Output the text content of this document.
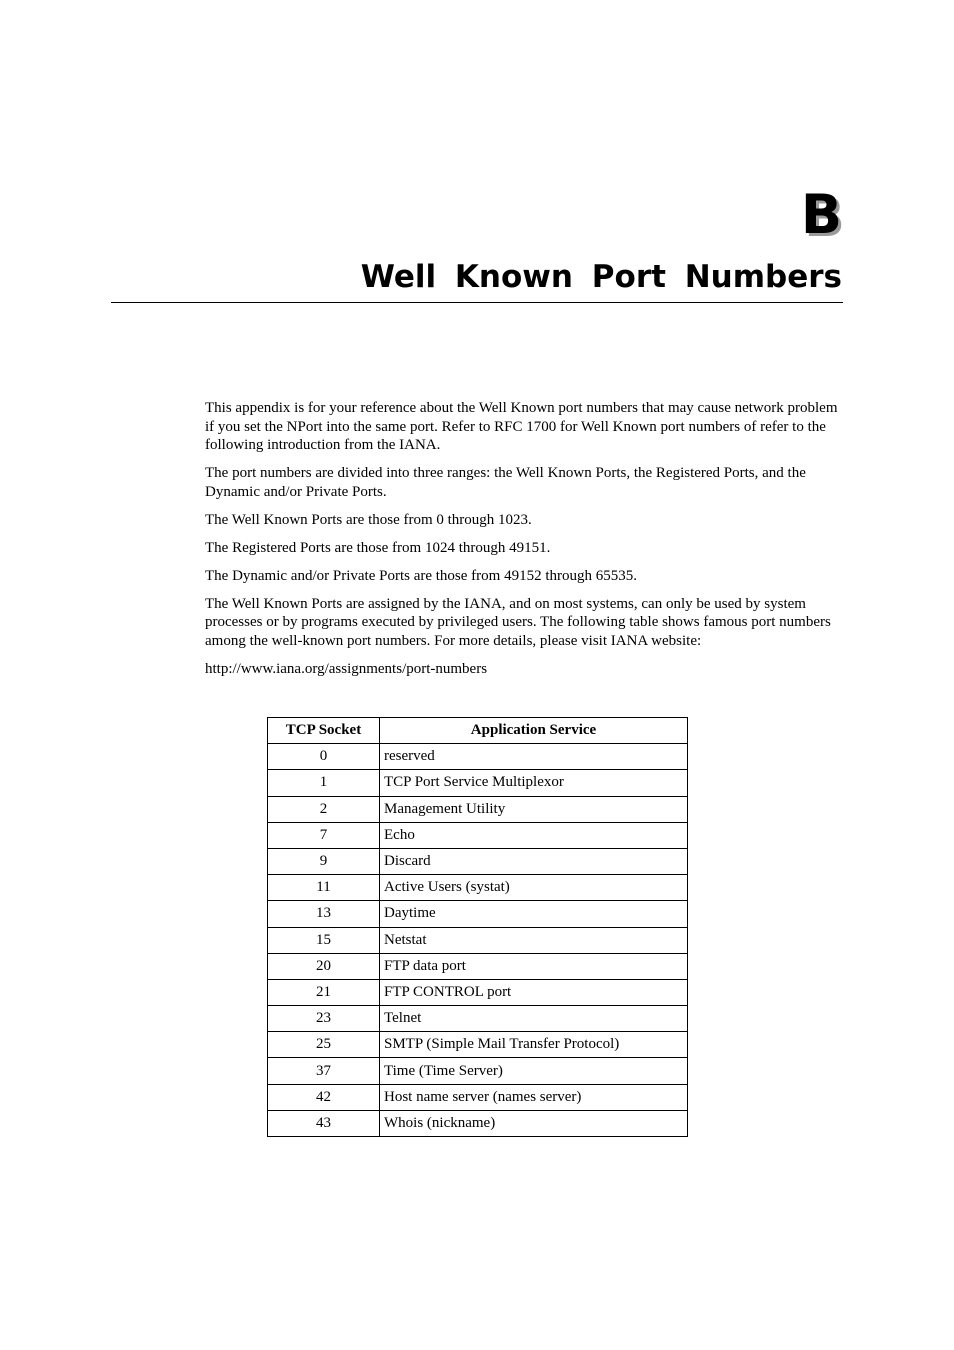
B
Well Known Port Numbers

This appendix is for your reference about the Well Known port numbers that may cause network problem if you set the NPort into the same port. Refer to RFC 1700 for Well Known port numbers of refer to the following introduction from the IANA.

The port numbers are divided into three ranges: the Well Known Ports, the Registered Ports, and the Dynamic and/or Private Ports.

The Well Known Ports are those from 0 through 1023.

The Registered Ports are those from 1024 through 49151.

The Dynamic and/or Private Ports are those from 49152 through 65535.

The Well Known Ports are assigned by the IANA, and on most systems, can only be used by system processes or by programs executed by privileged users. The following table shows famous port numbers among the well-known port numbers. For more details, please visit IANA website:

http://www.iana.org/assignments/port-numbers

TCP Socket	Application Service
0	reserved
1	TCP Port Service Multiplexor
2	Management Utility
7	Echo
9	Discard
11	Active Users (systat)
13	Daytime
15	Netstat
20	FTP data port
21	FTP CONTROL port
23	Telnet
25	SMTP (Simple Mail Transfer Protocol)
37	Time (Time Server)
42	Host name server (names server)
43	Whois (nickname)
